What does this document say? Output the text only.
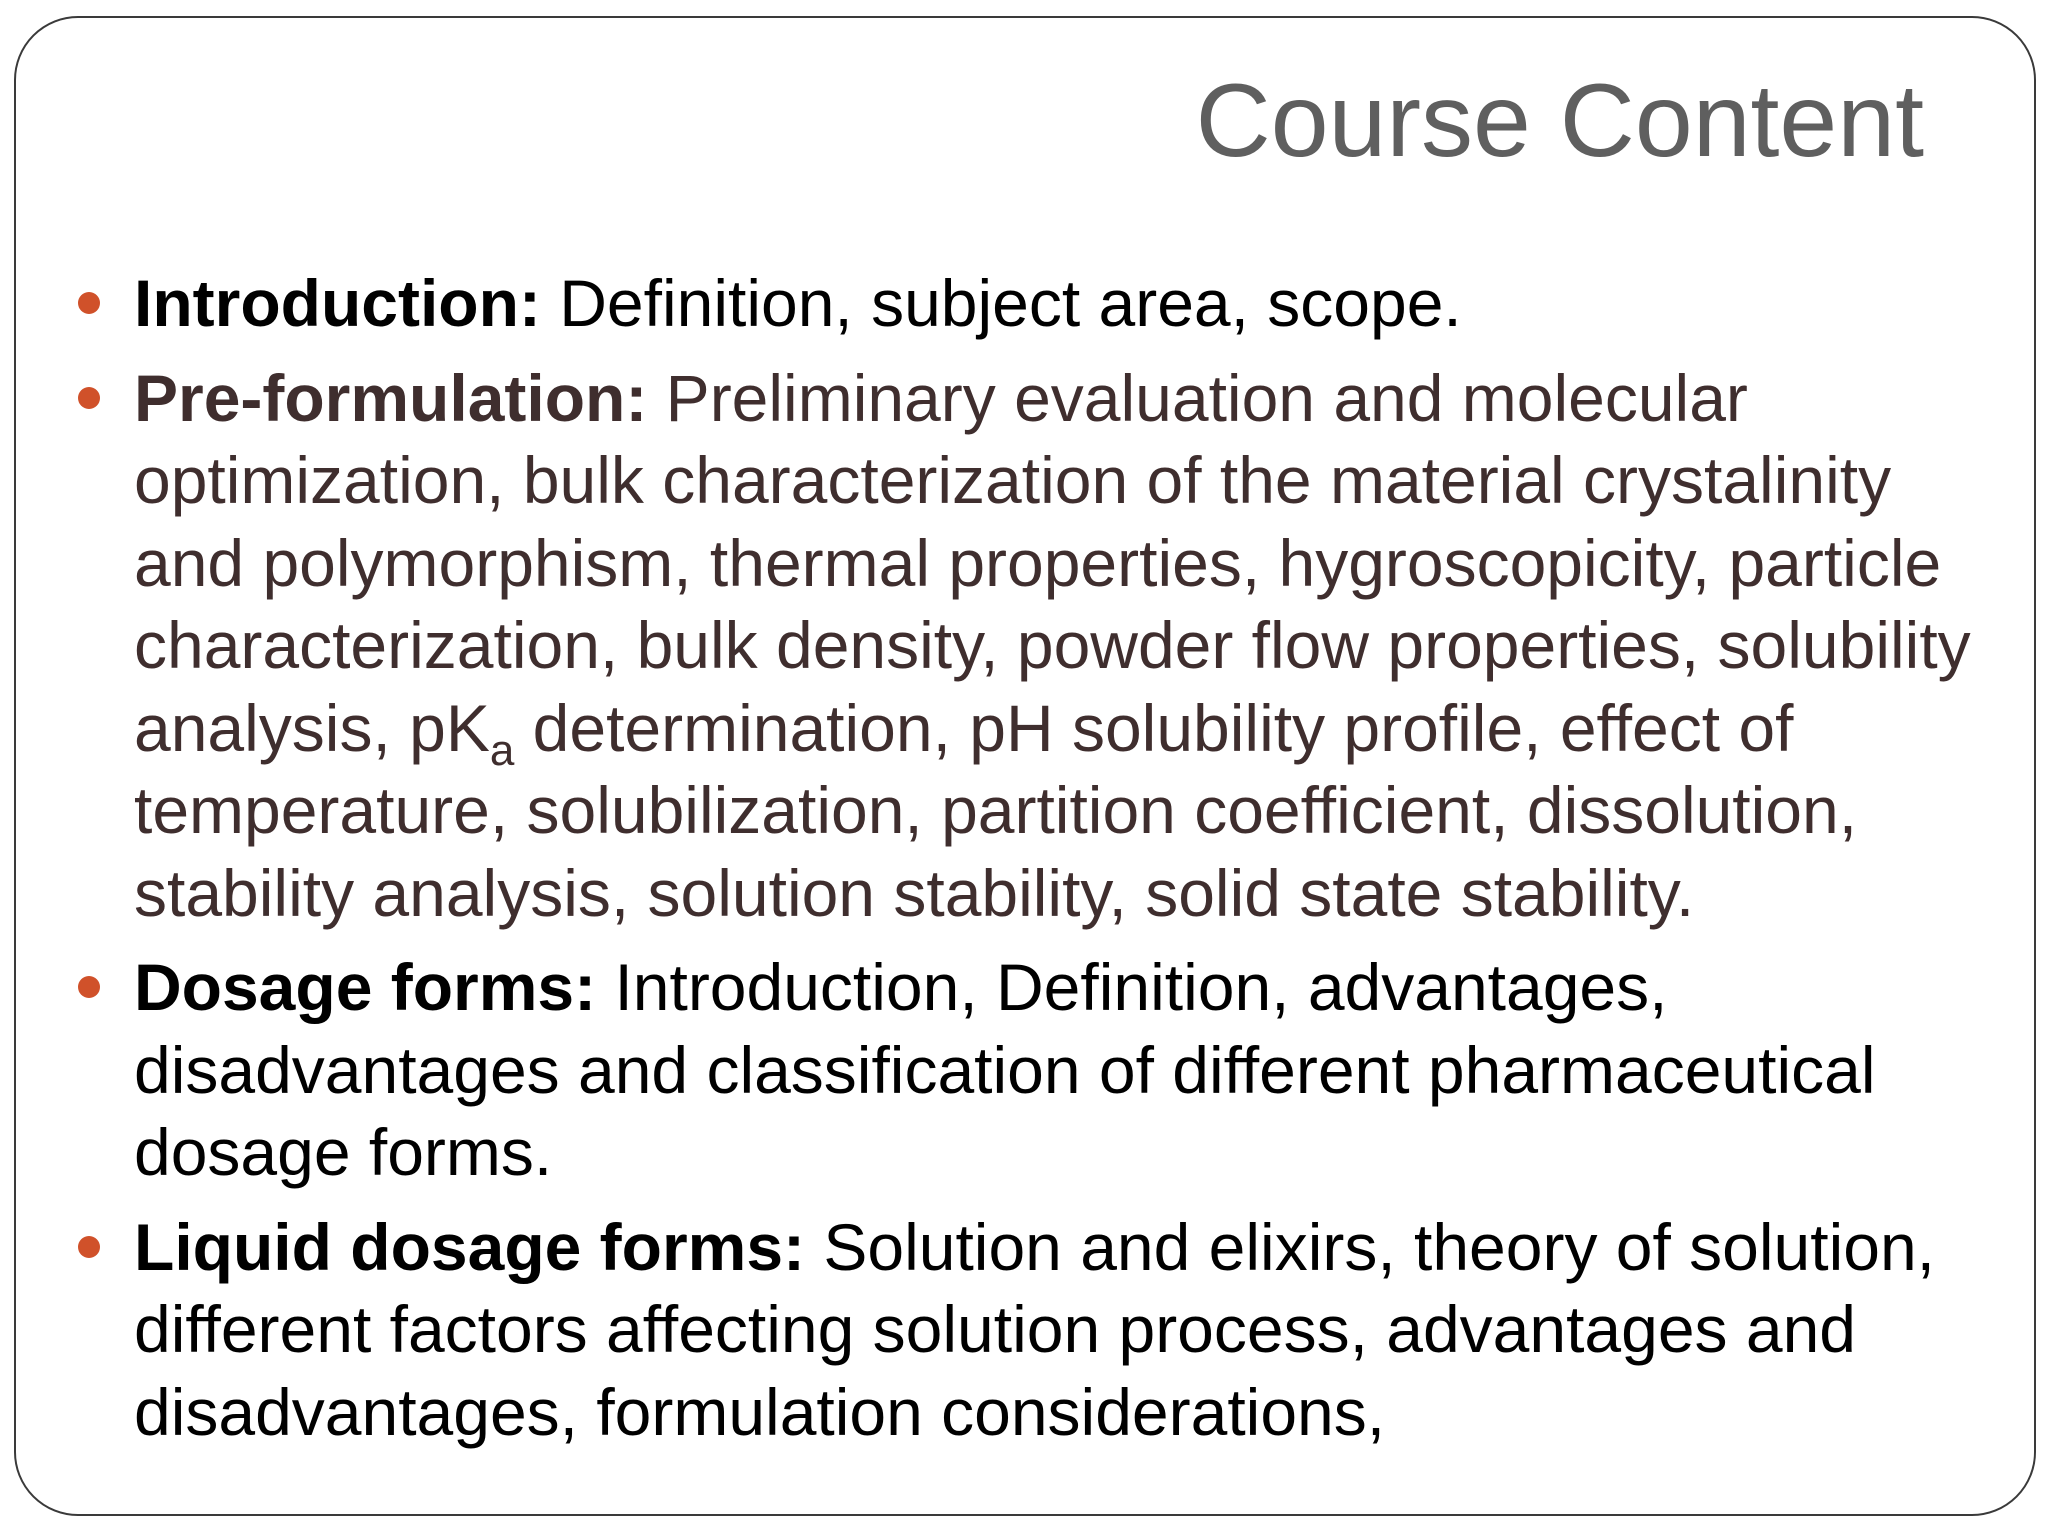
Course Content
Introduction: Definition, subject area, scope.
Pre-formulation: Preliminary evaluation and molecular optimization, bulk characterization of the material crystalinity and polymorphism, thermal properties, hygroscopicity, particle characterization, bulk density, powder flow properties, solubility analysis, $pK_a$ determination, pH solubility profile, effect of temperature, solubilization, partition coefficient, dissolution, stability analysis, solution stability, solid state stability.
Dosage forms: Introduction, Definition, advantages, disadvantages and classification of different pharmaceutical dosage forms.
Liquid dosage forms: Solution and elixirs, theory of solution, different factors affecting solution process, advantages and disadvantages, formulation considerations,
